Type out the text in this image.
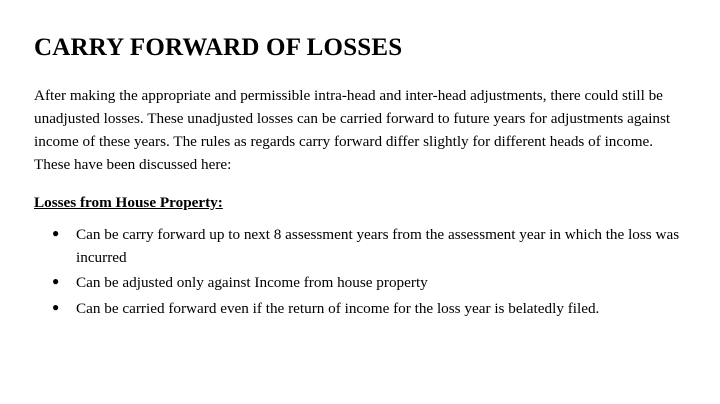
CARRY FORWARD OF LOSSES

After making the appropriate and permissible intra-head and inter-head adjustments, there could still be unadjusted losses. These unadjusted losses can be carried forward to future years for adjustments against income of these years. The rules as regards carry forward differ slightly for different heads of income. These have been discussed here:

Losses from House Property:
● Can be carry forward up to next 8 assessment years from the assessment year in which the loss was incurred
● Can be adjusted only against Income from house property
● Can be carried forward even if the return of income for the loss year is belatedly filed.
